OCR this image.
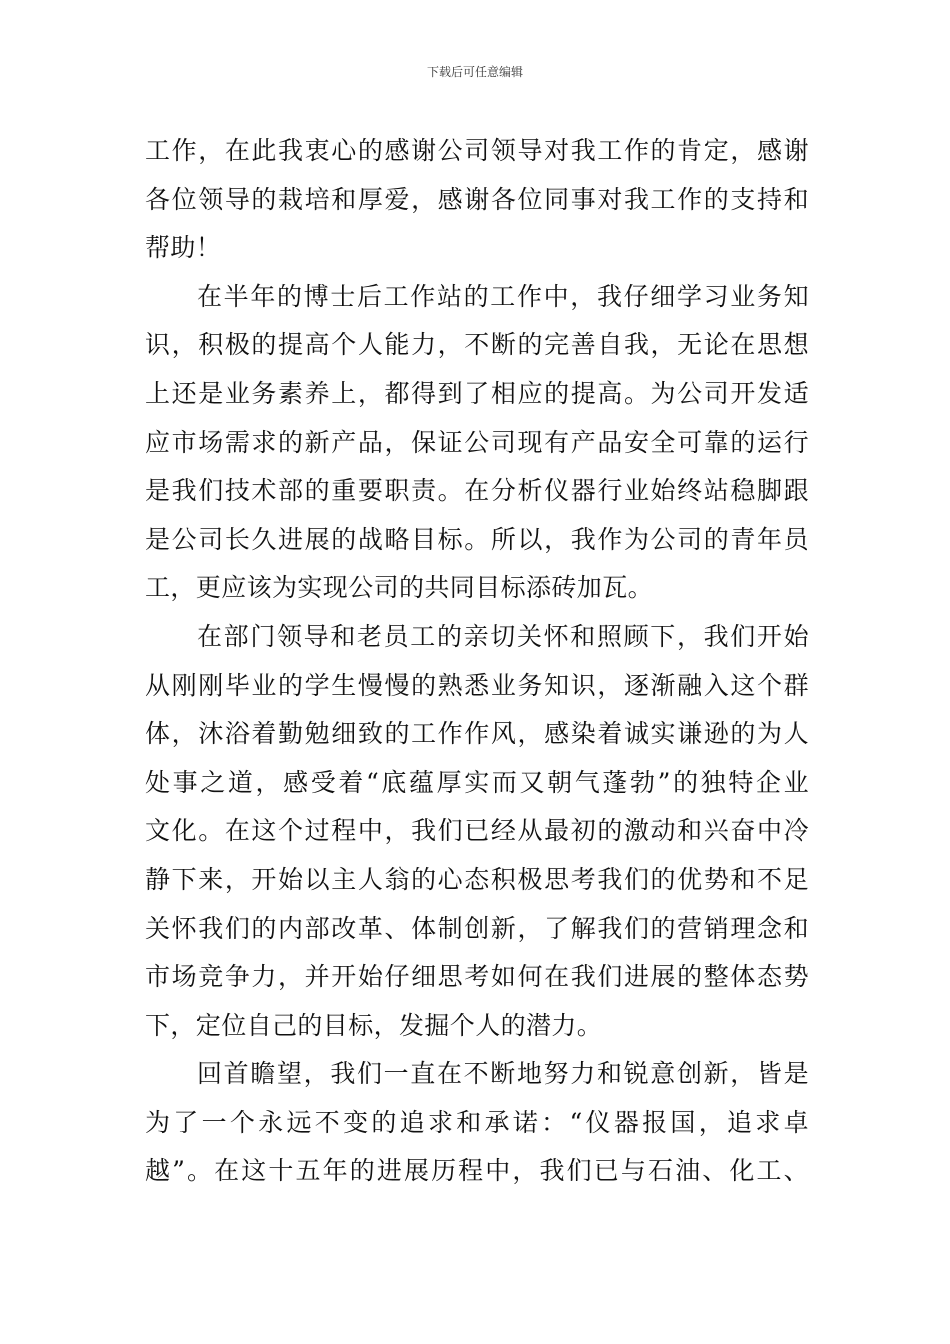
下载后可任意编辑
工作，在此我衷心的感谢公司领导对我工作的肯定，感谢
各位领导的栽培和厚爱，感谢各位同事对我工作的支持和
帮助！
在半年的博士后工作站的工作中，我仔细学习业务知
识，积极的提高个人能力，不断的完善自我，无论在思想
上还是业务素养上，都得到了相应的提高。为公司开发适
应市场需求的新产品，保证公司现有产品安全可靠的运行
是我们技术部的重要职责。在分析仪器行业始终站稳脚跟
是公司长久进展的战略目标。所以，我作为公司的青年员
工，更应该为实现公司的共同目标添砖加瓦。
在部门领导和老员工的亲切关怀和照顾下，我们开始
从刚刚毕业的学生慢慢的熟悉业务知识，逐渐融入这个群
体，沐浴着勤勉细致的工作作风，感染着诚实谦逊的为人
处事之道，感受着“底蕴厚实而又朝气蓬勃”的独特企业
文化。在这个过程中，我们已经从最初的激动和兴奋中冷
静下来，开始以主人翁的心态积极思考我们的优势和不足
关怀我们的内部改革、体制创新，了解我们的营销理念和
市场竞争力，并开始仔细思考如何在我们进展的整体态势
下，定位自己的目标，发掘个人的潜力。
回首瞻望，我们一直在不断地努力和锐意创新，皆是
为了一个永远不变的追求和承诺：“仪器报国，追求卓
越”。在这十五年的进展历程中，我们已与石油、化工、
